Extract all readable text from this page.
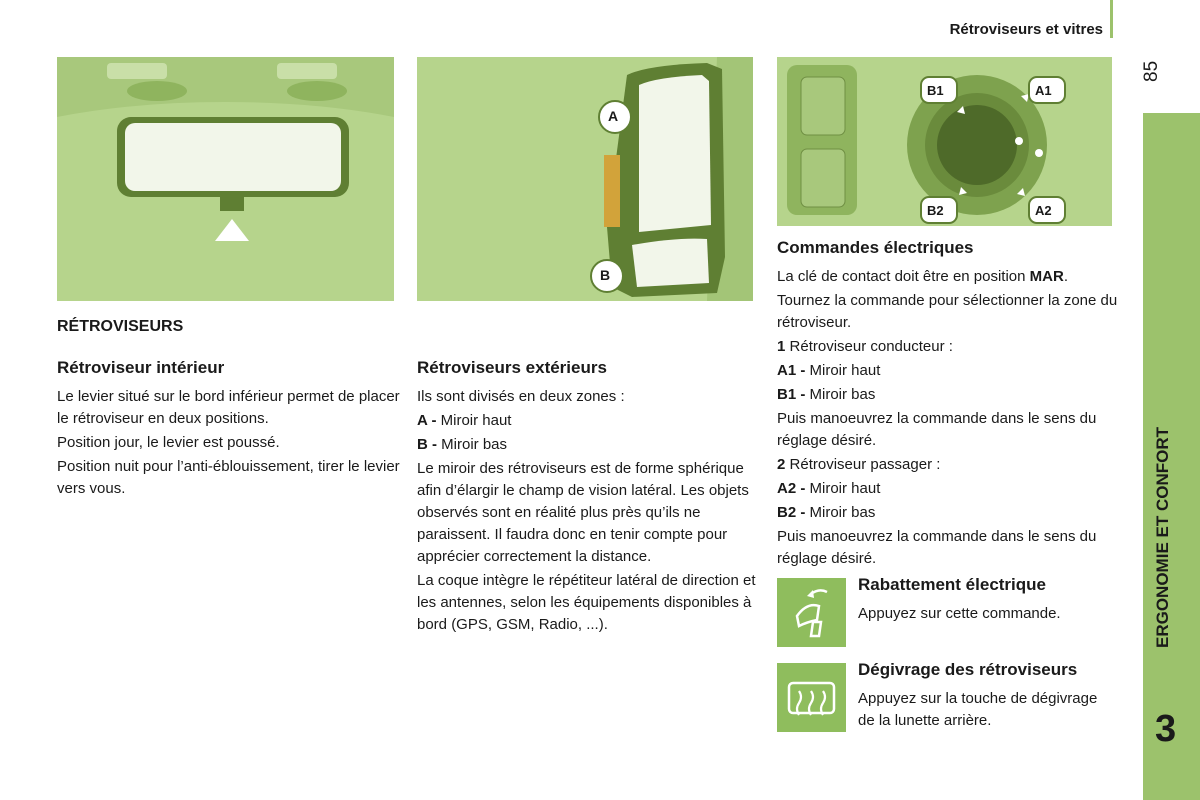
Rétroviseurs et vitres
85
ERGONOMIE ET CONFORT
3
A
B
B1	A1
B2	A2
RÉTROVISEURS
Rétroviseur intérieur

Le levier situé sur le bord inférieur permet de placer le rétroviseur en deux positions.

Position jour, le levier est poussé.

Position nuit pour l’anti-éblouissement, tirer le levier vers vous.

Rétroviseurs extérieurs

Ils sont divisés en deux zones :

A - Miroir haut

B - Miroir bas

Le miroir des rétroviseurs est de forme sphérique afin d’élargir le champ de vision latéral. Les objets observés sont en réalité plus près qu’ils ne paraissent. Il faudra donc en tenir compte pour apprécier correctement la distance.

La coque intègre le répétiteur latéral de direction et les antennes, selon les équipements disponibles à bord (GPS, GSM, Radio, ...).

Commandes électriques

La clé de contact doit être en position MAR.

Tournez la commande pour sélectionner la zone du rétroviseur.

1 Rétroviseur conducteur :

A1 - Miroir haut

B1 - Miroir bas

Puis manoeuvrez la commande dans le sens du réglage désiré.

2 Rétroviseur passager :

A2 - Miroir haut

B2 - Miroir bas

Puis manoeuvrez la commande dans le sens du réglage désiré.

Rabattement électrique

Appuyez sur cette commande.

Dégivrage des rétroviseurs

Appuyez sur la touche de dégivrage de la lunette arrière.
